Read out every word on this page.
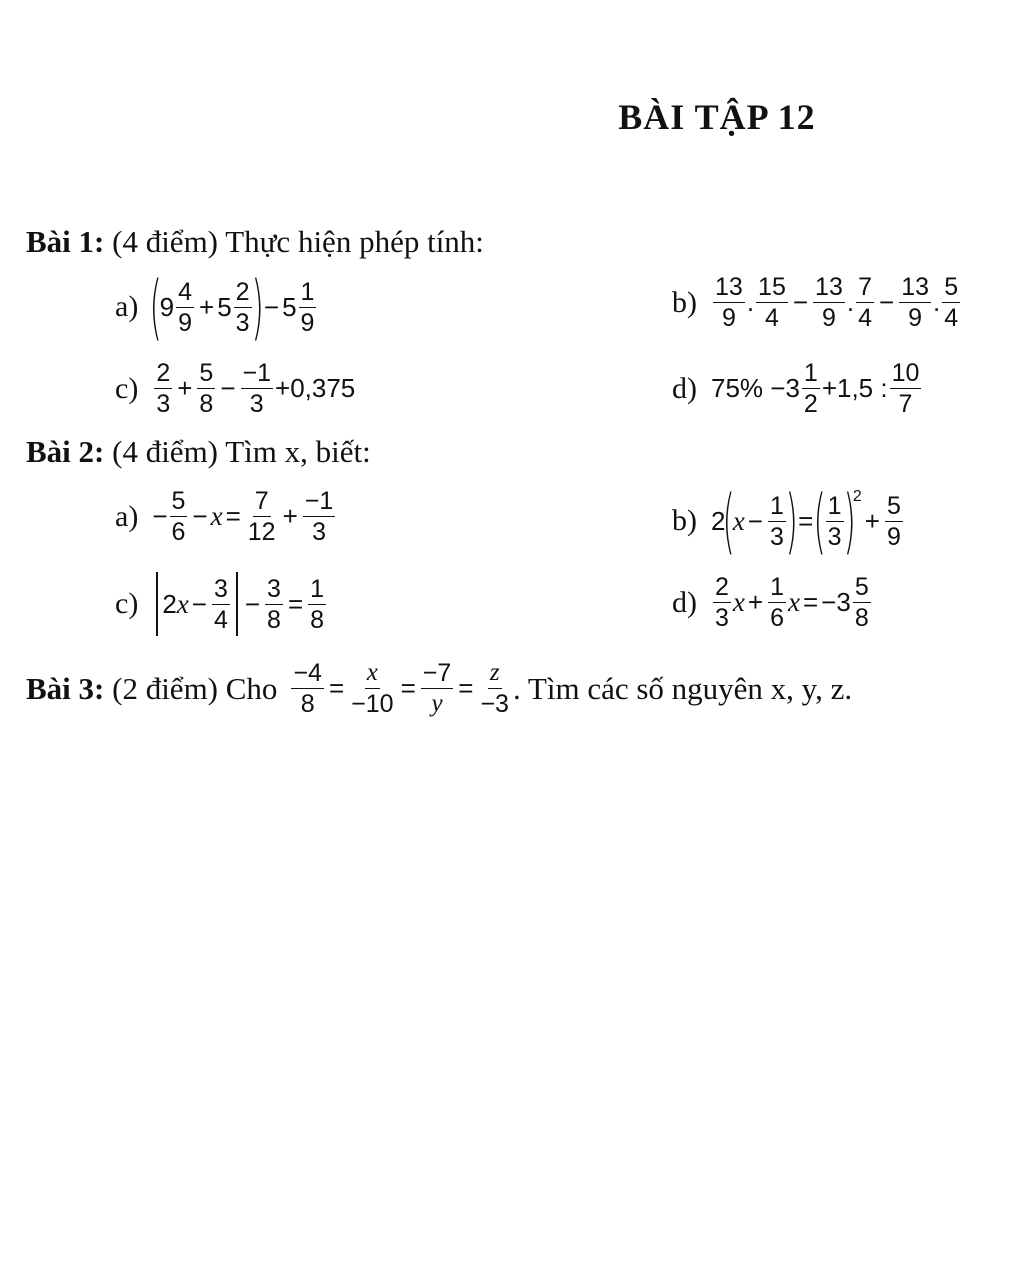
BÀI TẬP 12
Bài 1: (4 điểm) Thực hiện phép tính:
a) (
9 4
9
+ $5 \frac{2}{3}$ ) − $5 \frac{1}{9}$	b) 13
9
. 15
4
− $\frac{13}{9}$ . 7
4
− $\frac{13}{9}$ . 5
4
c) 2
3
+ $\frac{5}{8} - \frac{-1}{3} +0,375$	d) 75% −3 1
2
+1,5 : 10
7
Bài 2: (4 điểm) Tìm x, biết:
a) − 5
6
− $x = \frac{7}{12} + \frac{-1}{3}$	b) 2
(
$x - \frac{1}{3}$ ) = ( 1
3 )
2
+ $\frac{5}{9}$
c) 2 $x - \frac{3}{4} - \frac{3}{8} = \frac{1}{8}$	d) 2
3
$x + \frac{1}{6}$ $x = -3 \frac{5}{8}$
Bài 3: (2 điểm) Cho $\frac{-4}{8} = \frac{x}{-10} = \frac{-7}{y} = \frac{z}{-3}$ . Tìm các số nguyên x, y, z.
